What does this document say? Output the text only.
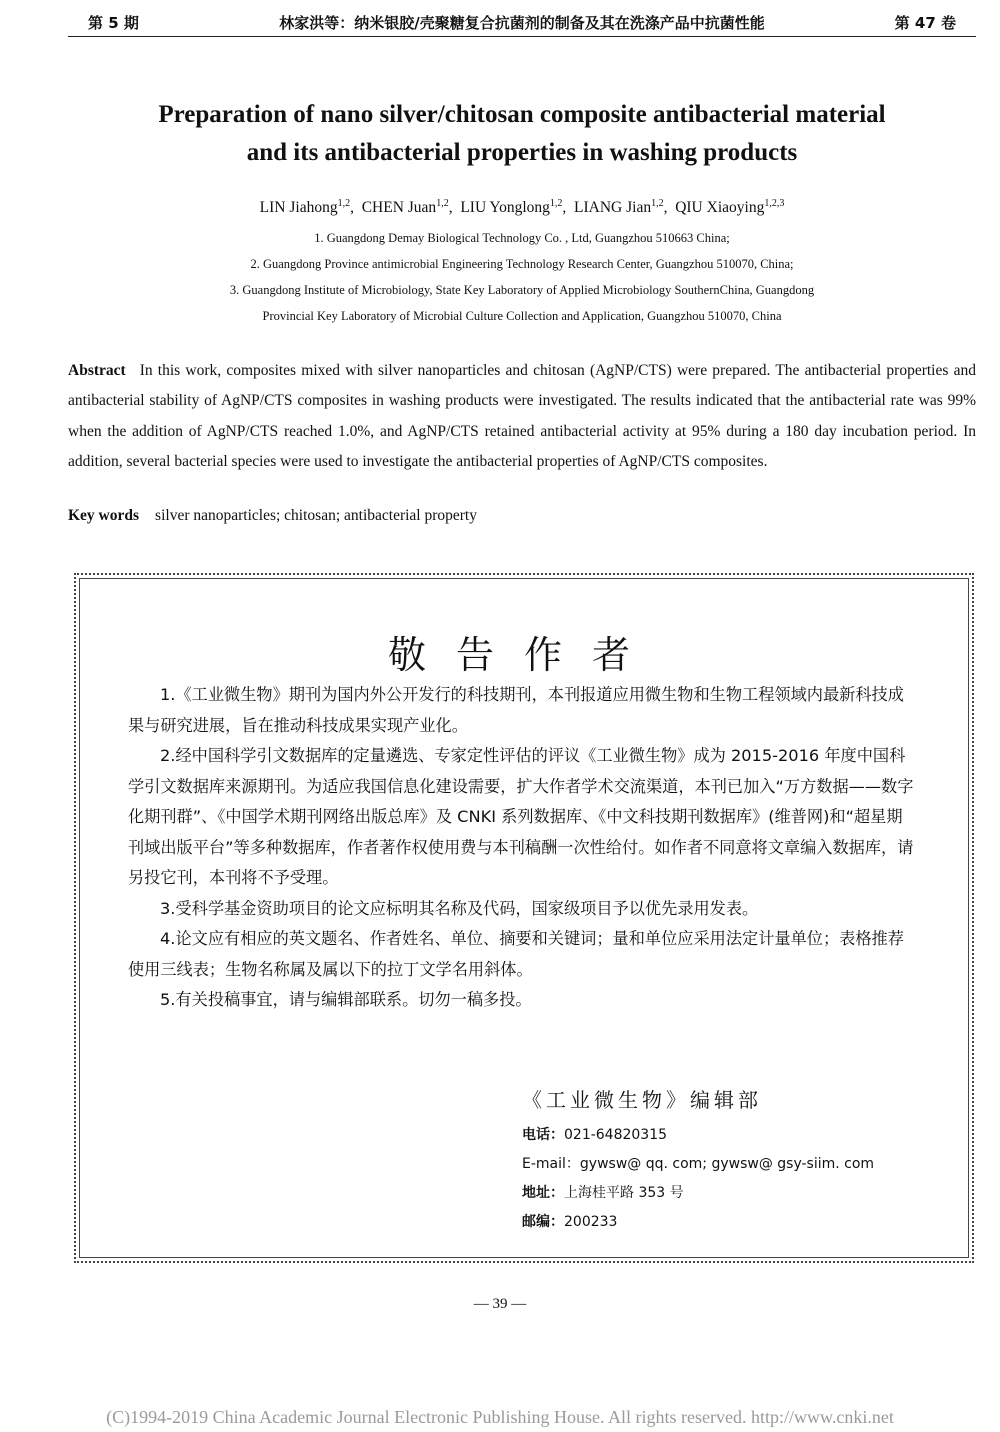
第 5 期	林家洪等：纳米银胶/壳聚糖复合抗菌剂的制备及其在洗涤产品中抗菌性能	第 47 卷
Preparation of nano silver/chitosan composite antibacterial material
and its antibacterial properties in washing products
LIN Jiahong$^{1,2}$,  CHEN Juan$^{1,2}$,  LIU Yonglong$^{1,2}$,  LIANG Jian$^{1,2}$,  QIU Xiaoying$^{1,2,3}$
1. Guangdong Demay Biological Technology Co. , Ltd, Guangzhou 510663 China;
2. Guangdong Province antimicrobial Engineering Technology Research Center, Guangzhou 510070, China;
3. Guangdong Institute of Microbiology, State Key Laboratory of Applied Microbiology SouthernChina, Guangdong
Provincial Key Laboratory of Microbial Culture Collection and Application, Guangzhou 510070, China
Abstract In this work, composites mixed with silver nanoparticles and chitosan (AgNP/CTS) were prepared. The antibacterial properties and antibacterial stability of AgNP/CTS composites in washing products were investigated. The results indicated that the antibacterial rate was 99% when the addition of AgNP/CTS reached 1.0%, and AgNP/CTS retained antibacterial activity at 95% during a 180 day incubation period. In addition, several bacterial species were used to investigate the antibacterial properties of AgNP/CTS composites.
Key words silver nanoparticles; chitosan; antibacterial property
敬告作者

1.《工业微生物》期刊为国内外公开发行的科技期刊，本刊报道应用微生物和生物工程领域内最新科技成果与研究进展，旨在推动科技成果实现产业化。

2.经中国科学引文数据库的定量遴选、专家定性评估的评议《工业微生物》成为 2015-2016 年度中国科学引文数据库来源期刊。为适应我国信息化建设需要，扩大作者学术交流渠道，本刊已加入“万方数据——数字化期刊群”、《中国学术期刊网络出版总库》及 CNKI 系列数据库、《中文科技期刊数据库》(维普网)和“超星期刊域出版平台”等多种数据库，作者著作权使用费与本刊稿酬一次性给付。如作者不同意将文章编入数据库，请另投它刊，本刊将不予受理。

3.受科学基金资助项目的论文应标明其名称及代码，国家级项目予以优先录用发表。

4.论文应有相应的英文题名、作者姓名、单位、摘要和关键词；量和单位应采用法定计量单位；表格推荐使用三线表；生物名称属及属以下的拉丁文学名用斜体。

5.有关投稿事宜，请与编辑部联系。切勿一稿多投。

《工业微生物》编辑部
电话：021-64820315
E-mail：gywsw@ qq. com; gywsw@ gsy-siim. com
地址：上海桂平路 353 号
邮编：200233
— 39 —
(C)1994-2019 China Academic Journal Electronic Publishing House. All rights reserved. http://www.cnki.net
